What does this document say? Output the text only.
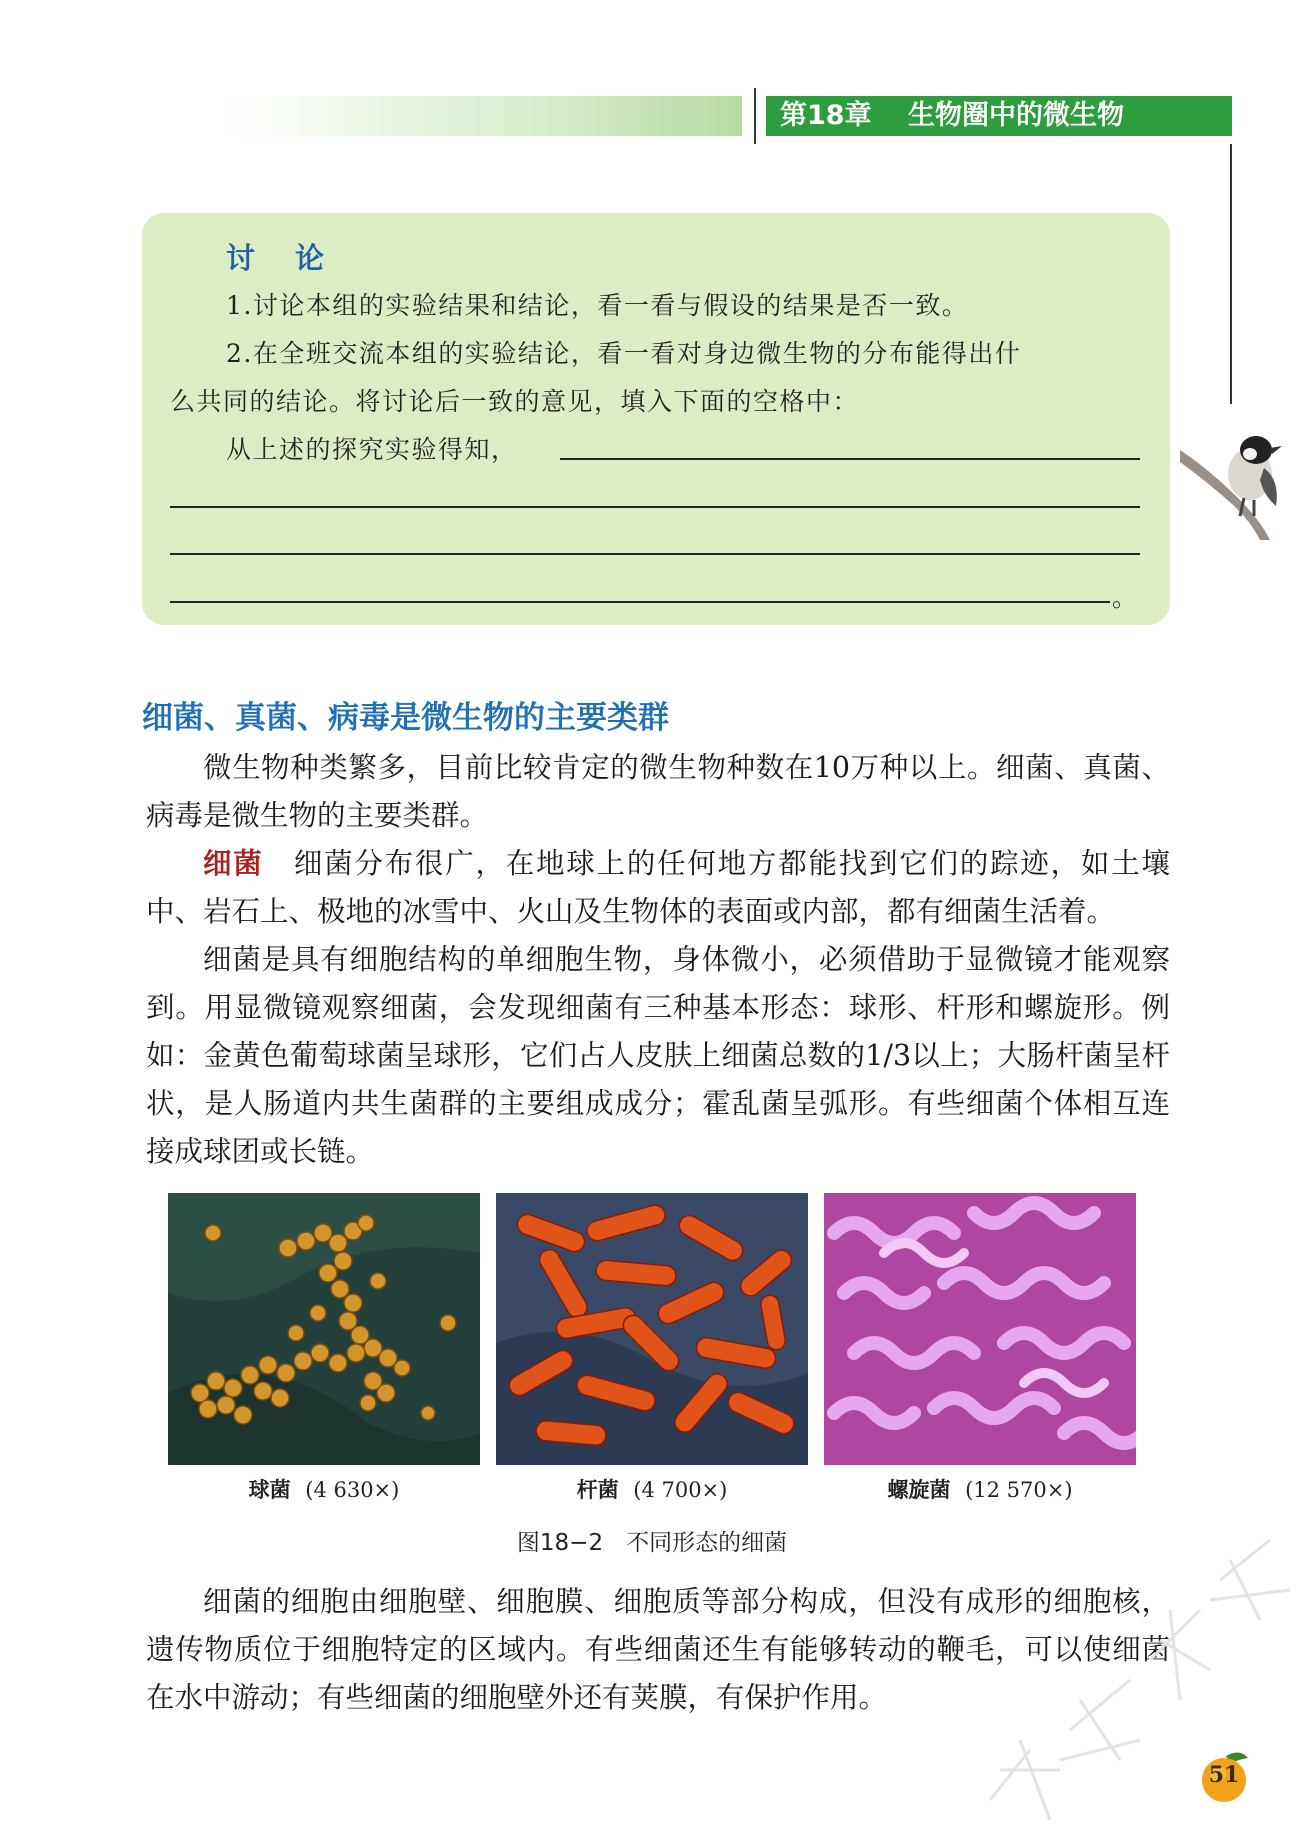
第18章　 生物圈中的微生物
讨论
1.讨论本组的实验结果和结论，看一看与假设的结果是否一致。
2.在全班交流本组的实验结论，看一看对身边微生物的分布能得出什
么共同的结论。将讨论后一致的意见，填入下面的空格中：
从上述的探究实验得知，
。
细菌、真菌、病毒是微生物的主要类群

微生物种类繁多，目前比较肯定的微生物种数在10万种以上。细菌、真菌、病毒是微生物的主要类群。

细菌　 细菌分布很广，在地球上的任何地方都能找到它们的踪迹，如土壤中、岩石上、极地的冰雪中、火山及生物体的表面或内部，都有细菌生活着。

细菌是具有细胞结构的单细胞生物，身体微小，必须借助于显微镜才能观察到。用显微镜观察细菌，会发现细菌有三种基本形态：球形、杆形和螺旋形。例如：金黄色葡萄球菌呈球形，它们占人皮肤上细菌总数的1/3以上；大肠杆菌呈杆状，是人肠道内共生菌群的主要组成成分；霍乱菌呈弧形。有些细菌个体相互连接成球团或长链。

球菌 (4 630×)	杆菌 (4 700×)	螺旋菌 (12 570×)
图18−2　不同形态的细菌

细菌的细胞由细胞壁、细胞膜、细胞质等部分构成，但没有成形的细胞核，遗传物质位于细胞特定的区域内。有些细菌还生有能够转动的鞭毛，可以使细菌在水中游动；有些细菌的细胞壁外还有荚膜，有保护作用。

51
